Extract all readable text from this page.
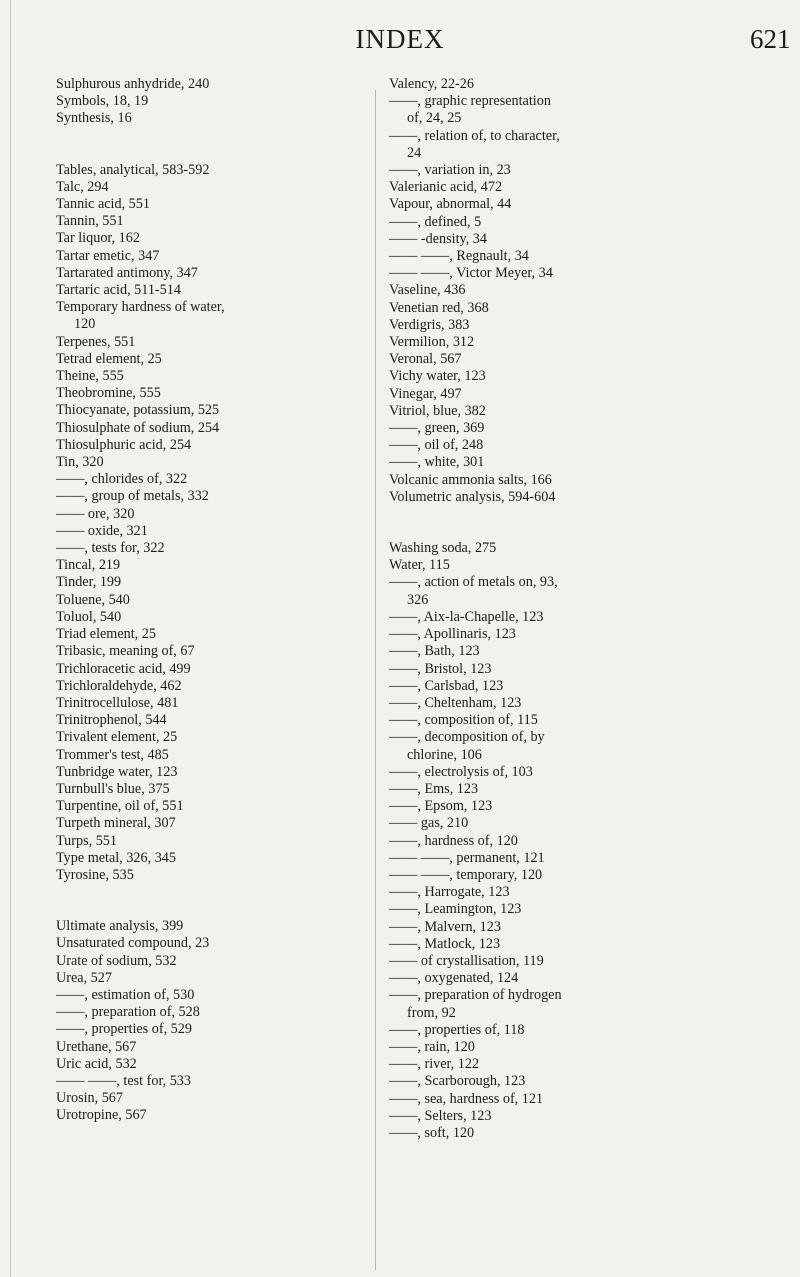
INDEX	621
Sulphurous anhydride, 240
Symbols, 18, 19
Synthesis, 16
Tables, analytical, 583-592
Talc, 294
Tannic acid, 551
Tannin, 551
Tar liquor, 162
Tartar emetic, 347
Tartarated antimony, 347
Tartaric acid, 511-514
Temporary hardness of water,
120
Terpenes, 551
Tetrad element, 25
Theine, 555
Theobromine, 555
Thiocyanate, potassium, 525
Thiosulphate of sodium, 254
Thiosulphuric acid, 254
Tin, 320
——, chlorides of, 322
——, group of metals, 332
—— ore, 320
—— oxide, 321
——, tests for, 322
Tincal, 219
Tinder, 199
Toluene, 540
Toluol, 540
Triad element, 25
Tribasic, meaning of, 67
Trichloracetic acid, 499
Trichloraldehyde, 462
Trinitrocellulose, 481
Trinitrophenol, 544
Trivalent element, 25
Trommer's test, 485
Tunbridge water, 123
Turnbull's blue, 375
Turpentine, oil of, 551
Turpeth mineral, 307
Turps, 551
Type metal, 326, 345
Tyrosine, 535
Ultimate analysis, 399
Unsaturated compound, 23
Urate of sodium, 532
Urea, 527
——, estimation of, 530
——, preparation of, 528
——, properties of, 529
Urethane, 567
Uric acid, 532
—— ——, test for, 533
Urosin, 567
Urotropine, 567
Valency, 22-26
——, graphic representation
of, 24, 25
——, relation of, to character,
24
——, variation in, 23
Valerianic acid, 472
Vapour, abnormal, 44
——, defined, 5
—— -density, 34
—— ——, Regnault, 34
—— ——, Victor Meyer, 34
Vaseline, 436
Venetian red, 368
Verdigris, 383
Vermilion, 312
Veronal, 567
Vichy water, 123
Vinegar, 497
Vitriol, blue, 382
——, green, 369
——, oil of, 248
——, white, 301
Volcanic ammonia salts, 166
Volumetric analysis, 594-604
Washing soda, 275
Water, 115
——, action of metals on, 93,
326
——, Aix-la-Chapelle, 123
——, Apollinaris, 123
——, Bath, 123
——, Bristol, 123
——, Carlsbad, 123
——, Cheltenham, 123
——, composition of, 115
——, decomposition of, by
chlorine, 106
——, electrolysis of, 103
——, Ems, 123
——, Epsom, 123
—— gas, 210
——, hardness of, 120
—— ——, permanent, 121
—— ——, temporary, 120
——, Harrogate, 123
——, Leamington, 123
——, Malvern, 123
——, Matlock, 123
—— of crystallisation, 119
——, oxygenated, 124
——, preparation of hydrogen
from, 92
——, properties of, 118
——, rain, 120
——, river, 122
——, Scarborough, 123
——, sea, hardness of, 121
——, Selters, 123
——, soft, 120
